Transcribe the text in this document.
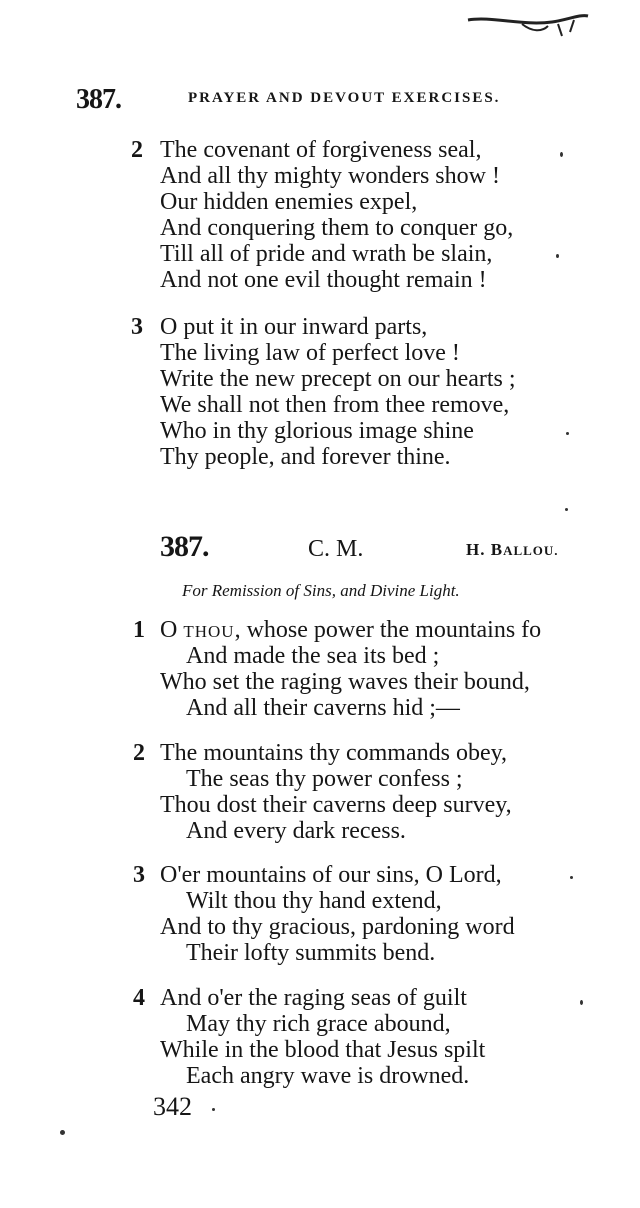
387.	PRAYER AND DEVOUT EXERCISES.
2 The covenant of forgiveness seal,
And all thy mighty wonders show !
Our hidden enemies expel,
And conquering them to conquer go,
Till all of pride and wrath be slain,
And not one evil thought remain !
3 O put it in our inward parts,
The living law of perfect love !
Write the new precept on our hearts ;
We shall not then from thee remove,
Who in thy glorious image shine
Thy people, and forever thine.
387.	C. M.	H. BALLOU.
For Remission of Sins, and Divine Light.
1 O THOU, whose power the mountains fo
And made the sea its bed ;
Who set the raging waves their bound,
And all their caverns hid ;—
2 The mountains thy commands obey,
The seas thy power confess ;
Thou dost their caverns deep survey,
And every dark recess.
3 O'er mountains of our sins, O Lord,
Wilt thou thy hand extend,
And to thy gracious, pardoning word
Their lofty summits bend.
4 And o'er the raging seas of guilt
May thy rich grace abound,
While in the blood that Jesus spilt
Each angry wave is drowned.
342
